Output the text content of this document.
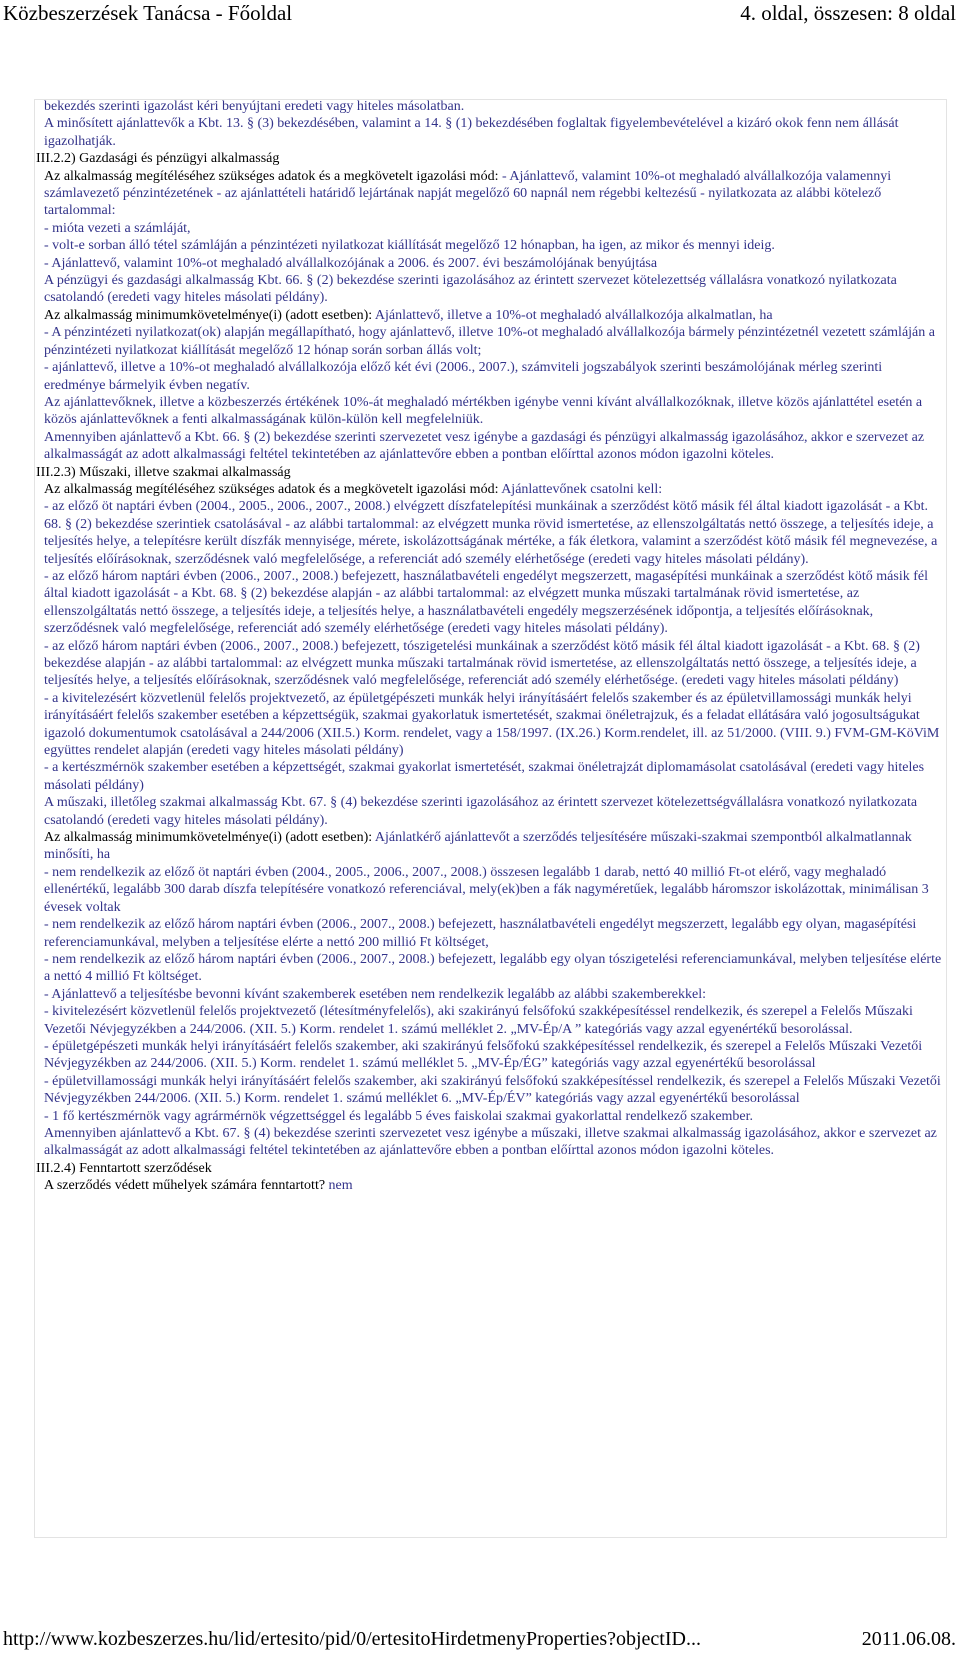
Közbeszerzések Tanácsa - Főoldal	4. oldal, összesen: 8 oldal

bekezdés szerinti igazolást kéri benyújtani eredeti vagy hiteles másolatban.

A minősített ajánlattevők a Kbt. 13. § (3) bekezdésében, valamint a 14. § (1) bekezdésében foglaltak figyelembevételével a kizáró okok fenn nem állását igazolhatják.

III.2.2) Gazdasági és pénzügyi alkalmasság

Az alkalmasság megítéléséhez szükséges adatok és a megkövetelt igazolási mód: - Ajánlattevő, valamint 10%-ot meghaladó alvállalkozója valamennyi számlavezető pénzintézetének - az ajánlattételi határidő lejártának napját megelőző 60 napnál nem régebbi keltezésű - nyilatkozata az alábbi kötelező tartalommal:

- mióta vezeti a számláját,

- volt-e sorban álló tétel számláján a pénzintézeti nyilatkozat kiállítását megelőző 12 hónapban, ha igen, az mikor és mennyi ideig.

- Ajánlattevő, valamint 10%-ot meghaladó alvállalkozójának a 2006. és 2007. évi beszámolójának benyújtása

A pénzügyi és gazdasági alkalmasság Kbt. 66. § (2) bekezdése szerinti igazolásához az érintett szervezet kötelezettség vállalásra vonatkozó nyilatkozata csatolandó (eredeti vagy hiteles másolati példány).

Az alkalmasság minimumkövetelménye(i) (adott esetben): Ajánlattevő, illetve a 10%-ot meghaladó alvállalkozója alkalmatlan, ha

- A pénzintézeti nyilatkozat(ok) alapján megállapítható, hogy ajánlattevő, illetve 10%-ot meghaladó alvállalkozója bármely pénzintézetnél vezetett számláján a pénzintézeti nyilatkozat kiállítását megelőző 12 hónap során sorban állás volt;

- ajánlattevő, illetve a 10%-ot meghaladó alvállalkozója előző két évi (2006., 2007.), számviteli jogszabályok szerinti beszámolójának mérleg szerinti eredménye bármelyik évben negatív.

Az ajánlattevőknek, illetve a közbeszerzés értékének 10%-át meghaladó mértékben igénybe venni kívánt alvállalkozóknak, illetve közös ajánlattétel esetén a közös ajánlattevőknek a fenti alkalmasságának külön-külön kell megfelelniük.

Amennyiben ajánlattevő a Kbt. 66. § (2) bekezdése szerinti szervezetet vesz igénybe a gazdasági és pénzügyi alkalmasság igazolásához, akkor e szervezet az alkalmasságát az adott alkalmassági feltétel tekintetében az ajánlattevőre ebben a pontban előírttal azonos módon igazolni köteles.

III.2.3) Műszaki, illetve szakmai alkalmasság

Az alkalmasság megítéléséhez szükséges adatok és a megkövetelt igazolási mód: Ajánlattevőnek csatolni kell:

- az előző öt naptári évben (2004., 2005., 2006., 2007., 2008.) elvégzett díszfatelepítési munkáinak a szerződést kötő másik fél által kiadott igazolását - a Kbt. 68. § (2) bekezdése szerintiek csatolásával - az alábbi tartalommal: az elvégzett munka rövid ismertetése, az ellenszolgáltatás nettó összege, a teljesítés ideje, a teljesítés helye, a telepítésre került díszfák mennyisége, mérete, iskolázottságának mértéke, a fák életkora, valamint a szerződést kötő másik fél megnevezése, a teljesítés előírásoknak, szerződésnek való megfelelősége, a referenciát adó személy elérhetősége (eredeti vagy hiteles másolati példány).

- az előző három naptári évben (2006., 2007., 2008.) befejezett, használatbavételi engedélyt megszerzett, magasépítési munkáinak a szerződést kötő másik fél által kiadott igazolását - a Kbt. 68. § (2) bekezdése alapján - az alábbi tartalommal: az elvégzett munka műszaki tartalmának rövid ismertetése, az ellenszolgáltatás nettó összege, a teljesítés ideje, a teljesítés helye, a használatbavételi engedély megszerzésének időpontja, a teljesítés előírásoknak, szerződésnek való megfelelősége, referenciát adó személy elérhetősége (eredeti vagy hiteles másolati példány).

- az előző három naptári évben (2006., 2007., 2008.) befejezett, tószigetelési munkáinak a szerződést kötő másik fél által kiadott igazolását - a Kbt. 68. § (2) bekezdése alapján - az alábbi tartalommal: az elvégzett munka műszaki tartalmának rövid ismertetése, az ellenszolgáltatás nettó összege, a teljesítés ideje, a teljesítés helye, a teljesítés előírásoknak, szerződésnek való megfelelősége, referenciát adó személy elérhetősége. (eredeti vagy hiteles másolati példány)

- a kivitelezésért közvetlenül felelős projektvezető, az épületgépészeti munkák helyi irányításáért felelős szakember és az épületvillamossági munkák helyi irányításáért felelős szakember esetében a képzettségük, szakmai gyakorlatuk ismertetését, szakmai önéletrajzuk, és a feladat ellátására való jogosultságukat igazoló dokumentumok csatolásával a 244/2006 (XII.5.) Korm. rendelet, vagy a 158/1997. (IX.26.) Korm.rendelet, ill. az 51/2000. (VIII. 9.) FVM-GM-KöViM együttes rendelet alapján (eredeti vagy hiteles másolati példány)

- a kertészmérnök szakember esetében a képzettségét, szakmai gyakorlat ismertetését, szakmai önéletrajzát diplomamásolat csatolásával (eredeti vagy hiteles másolati példány)

A műszaki, illetőleg szakmai alkalmasság Kbt. 67. § (4) bekezdése szerinti igazolásához az érintett szervezet kötelezettségvállalásra vonatkozó nyilatkozata csatolandó (eredeti vagy hiteles másolati példány).

Az alkalmasság minimumkövetelménye(i) (adott esetben): Ajánlatkérő ajánlattevőt a szerződés teljesítésére műszaki-szakmai szempontból alkalmatlannak minősíti, ha

- nem rendelkezik az előző öt naptári évben (2004., 2005., 2006., 2007., 2008.) összesen legalább 1 darab, nettó 40 millió Ft-ot elérő, vagy meghaladó ellenértékű, legalább 300 darab díszfa telepítésére vonatkozó referenciával, mely(ek)ben a fák nagyméretűek, legalább háromszor iskolázottak, minimálisan 3 évesek voltak

- nem rendelkezik az előző három naptári évben (2006., 2007., 2008.) befejezett, használatbavételi engedélyt megszerzett, legalább egy olyan, magasépítési referenciamunkával, melyben a teljesítése elérte a nettó 200 millió Ft költséget,

- nem rendelkezik az előző három naptári évben (2006., 2007., 2008.) befejezett, legalább egy olyan tószigetelési referenciamunkával, melyben teljesítése elérte a nettó 4 millió Ft költséget.

- Ajánlattevő a teljesítésbe bevonni kívánt szakemberek esetében nem rendelkezik legalább az alábbi szakemberekkel:

- kivitelezésért közvetlenül felelős projektvezető (létesítményfelelős), aki szakirányú felsőfokú szakképesítéssel rendelkezik, és szerepel a Felelős Műszaki Vezetői Névjegyzékben a 244/2006. (XII. 5.) Korm. rendelet 1. számú melléklet 2. „MV-Ép/A ” kategóriás vagy azzal egyenértékű besorolással.

- épületgépészeti munkák helyi irányításáért felelős szakember, aki szakirányú felsőfokú szakképesítéssel rendelkezik, és szerepel a Felelős Műszaki Vezetői Névjegyzékben az 244/2006. (XII. 5.) Korm. rendelet 1. számú melléklet 5. „MV-Ép/ÉG” kategóriás vagy azzal egyenértékű besorolással

- épületvillamossági munkák helyi irányításáért felelős szakember, aki szakirányú felsőfokú szakképesítéssel rendelkezik, és szerepel a Felelős Műszaki Vezetői Névjegyzékben 244/2006. (XII. 5.) Korm. rendelet 1. számú melléklet 6. „MV-Ép/ÉV” kategóriás vagy azzal egyenértékű besorolással

- 1 fő kertészmérnök vagy agrármérnök végzettséggel és legalább 5 éves faiskolai szakmai gyakorlattal rendelkező szakember.

Amennyiben ajánlattevő a Kbt. 67. § (4) bekezdése szerinti szervezetet vesz igénybe a műszaki, illetve szakmai alkalmasság igazolásához, akkor e szervezet az alkalmasságát az adott alkalmassági feltétel tekintetében az ajánlattevőre ebben a pontban előírttal azonos módon igazolni köteles.

III.2.4) Fenntartott szerződések

A szerződés védett műhelyek számára fenntartott? nem

http://www.kozbeszerzes.hu/lid/ertesito/pid/0/ertesitoHirdetmenyProperties?objectID...	2011.06.08.
